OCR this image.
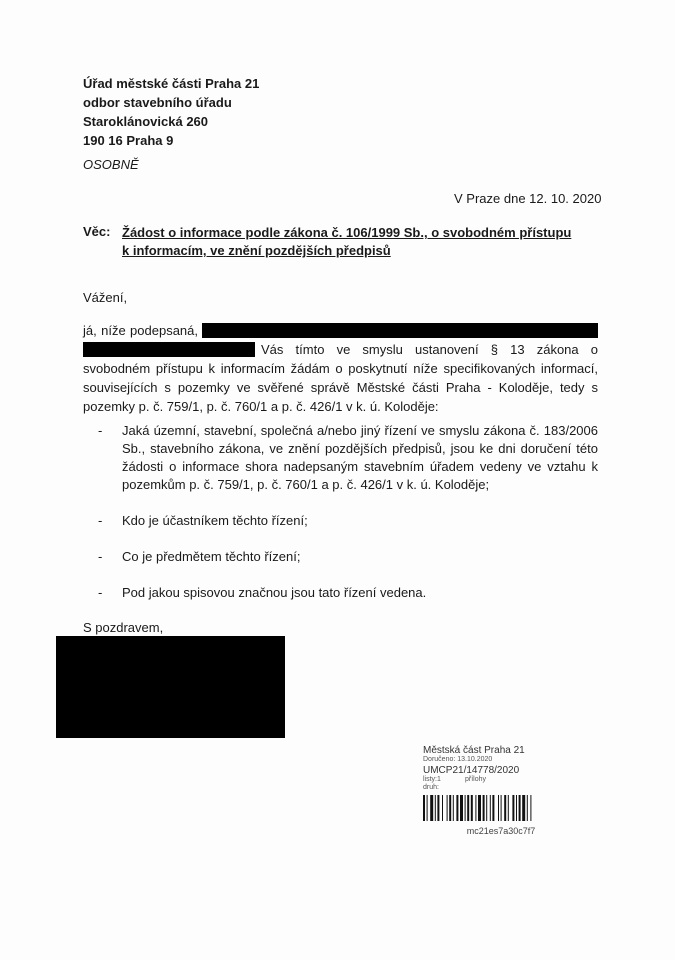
Úřad městské části Praha 21
odbor stavebního úřadu
Staroklánovická 260
190 16 Praha 9
OSOBNĚ
V Praze dne 12. 10. 2020
Věc: Žádost o informace podle zákona č. 106/1999 Sb., o svobodném přístupu k informacím, ve znění pozdějších předpisů
Vážení,
já, níže podepsaná, Vás tímto ve smyslu ustanovení § 13 zákona o svobodném přístupu k informacím žádám o poskytnutí níže specifikovaných informací, souvisejících s pozemky ve svěřené správě Městské části Praha - Koloděje, tedy s pozemky p. č. 759/1, p. č. 760/1 a p. č. 426/1 v k. ú. Koloděje:
- Jaká územní, stavební, společná a/nebo jiný řízení ve smyslu zákona č. 183/2006 Sb., stavebního zákona, ve znění pozdějších předpisů, jsou ke dni doručení této žádosti o informace shora nadepsaným stavebním úřadem vedeny ve vztahu k pozemkům p. č. 759/1, p. č. 760/1 a p. č. 426/1 v k. ú. Koloděje;
- Kdo je účastníkem těchto řízení;
- Co je předmětem těchto řízení;
- Pod jakou spisovou značnou jsou tato řízení vedena.
S pozdravem,
Městská část Praha 21
Doručeno: 13.10.2020
UMCP21/14778/2020
listy:1	přílohy
druh:
mc21es7a30c7f7
